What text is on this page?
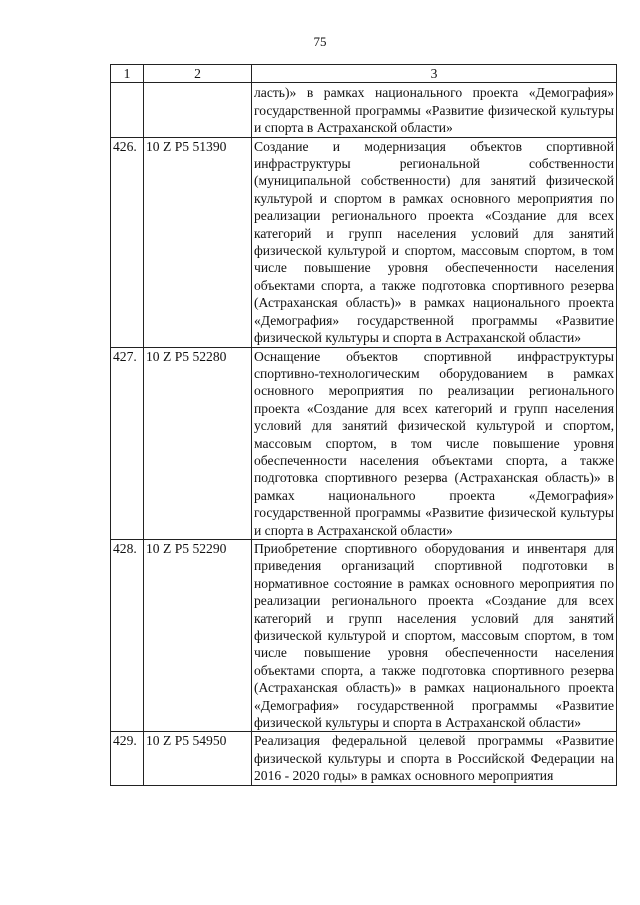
75
1	2	3
		ласть)» в рамках национального проекта «Демография» государственной программы «Развитие физической культуры и спорта в Астраханской области»
426.	10 Z P5 51390	Создание и модернизация объектов спортивной инфраструктуры региональной собственности (муниципальной собственности) для занятий физической культурой и спортом в рамках основного мероприятия по реализации регионального проекта «Создание для всех категорий и групп населения условий для занятий физической культурой и спортом, массовым спортом, в том числе повышение уровня обеспеченности населения объектами спорта, а также подготовка спортивного резерва (Астраханская область)» в рамках национального проекта «Демография» государственной программы «Развитие физической культуры и спорта в Астраханской области»
427.	10 Z P5 52280	Оснащение объектов спортивной инфраструктуры спортивно-технологическим оборудованием в рамках основного мероприятия по реализации регионального проекта «Создание для всех категорий и групп населения условий для занятий физической культурой и спортом, массовым спортом, в том числе повышение уровня обеспеченности населения объектами спорта, а также подготовка спортивного резерва (Астраханская область)» в рамках национального проекта «Демография» государственной программы «Развитие физической культуры и спорта в Астраханской области»
428.	10 Z P5 52290	Приобретение спортивного оборудования и инвентаря для приведения организаций спортивной подготовки в нормативное состояние в рамках основного мероприятия по реализации регионального проекта «Создание для всех категорий и групп населения условий для занятий физической культурой и спортом, массовым спортом, в том числе повышение уровня обеспеченности населения объектами спорта, а также подготовка спортивного резерва (Астраханская область)» в рамках национального проекта «Демография» государственной программы «Развитие физической культуры и спорта в Астраханской области»
429.	10 Z P5 54950	Реализация федеральной целевой программы «Развитие физической культуры и спорта в Российской Федерации на 2016 - 2020 годы» в рамках основного мероприятия
